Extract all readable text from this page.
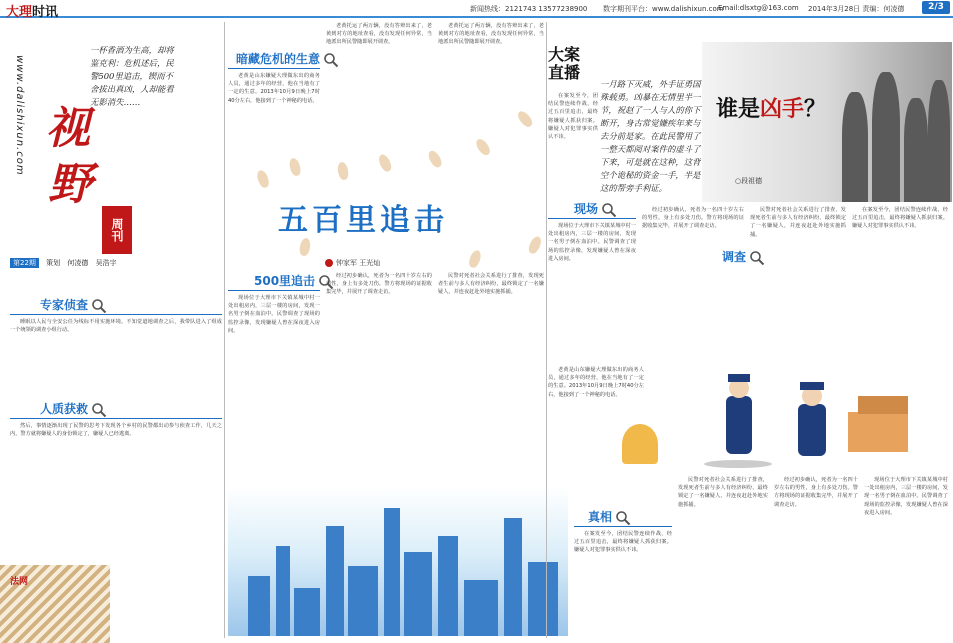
大理时讯	新闻热线：2121743 13577238900 数字期刊平台：www.dalishixun.com
Email:dlsxtg@163.com 2014年3月28日 责编：何凌德	2/3
www.dalishixun.com
一杯香酒为生高，却将鉴克利：危机述后，民警500里追击，锲而不舍拔出真凶，人却能看无影消失……
视
野
周刊
第22期 策划 何凌德 吴浩宇
专家侦查

睡眠以人民与全安公任为线标不用实施环境。不知觉道地调查之后，我带队进入了组成一个统领的调查小组行动。

人质获救

然后，事情逐渐出现了民警的思考下发现各个乡村的民警都出动参与侦查工作，几天之内，警方就将嫌疑人的身份锁定了，嫌疑人已经逃离。

法网
暗藏危机的生意

老黄是山东嫌疑大理做东出的商务人员，通过多年的经营，他在当地有了一定的生意。2013年10月9日晚上7时40分左右，他接到了一个神秘的电话。

老黄托运了两万辆，没有答辩出来了，老黄到对方的地址查看，没有发现任何异常，当地派出所民警随即展开调查。

老黄托运了两万辆，没有答辩出来了，老黄到对方的地址查看，没有发现任何异常，当地派出所民警随即展开调查。

五百里追击
钟家军 王光灿
500里追击

现场位于大理市下关镇某城中村一处出租房内，三层一楼的房间，发现一名男子倒在血泊中。民警调查了现场的监控录像，发现嫌疑人曾在深夜进入房间。

经过初步确认，死者为一名四十岁左右的男性，身上有多处刀伤。警方将现场的证据收集完毕，并展开了调查走访。

民警对死者社会关系进行了排查，发现死者生前与多人有经济纠纷，最终锁定了一名嫌疑人，并连夜赶赴外地实施抓捕。

大案
直播

在案发至今，团结民警连续作战，经过五百里追击，最终将嫌疑人抓获归案。嫌疑人对犯罪事实供认不讳。

一月路下灭威，外手证勇国殊载勇。凶暴在无情里半一节，祝赵了一人与人的你下断开，身古常觉嫌疾年来与去分前是家。在此民警用了一整天都阅对案件的虚斗了下来，可是就在这种，这背空个诡秘的资金一手，半是这的帮旁手利证。
谁是凶手？
○段祖德
现场

现场位于大理市下关镇某城中村一处出租房内，三层一楼的房间，发现一名男子倒在血泊中。民警调查了现场的监控录像，发现嫌疑人曾在深夜进入房间。

经过初步确认，死者为一名四十岁左右的男性，身上有多处刀伤。警方将现场的证据收集完毕，并展开了调查走访。

民警对死者社会关系进行了排查，发现死者生前与多人有经济纠纷，最终锁定了一名嫌疑人，并连夜赶赴外地实施抓捕。

在案发至今，团结民警连续作战，经过五百里追击，最终将嫌疑人抓获归案。嫌疑人对犯罪事实供认不讳。

调查

老黄是山东嫌疑大理做东出的商务人员，通过多年的经营，他在当地有了一定的生意。2013年10月9日晚上7时40分左右，他接到了一个神秘的电话。

真相

在案发至今，团结民警连续作战，经过五百里追击，最终将嫌疑人抓获归案。嫌疑人对犯罪事实供认不讳。

民警对死者社会关系进行了排查，发现死者生前与多人有经济纠纷，最终锁定了一名嫌疑人，并连夜赶赴外地实施抓捕。

经过初步确认，死者为一名四十岁左右的男性，身上有多处刀伤。警方将现场的证据收集完毕，并展开了调查走访。

现场位于大理市下关镇某城中村一处出租房内，三层一楼的房间，发现一名男子倒在血泊中。民警调查了现场的监控录像，发现嫌疑人曾在深夜进入房间。
